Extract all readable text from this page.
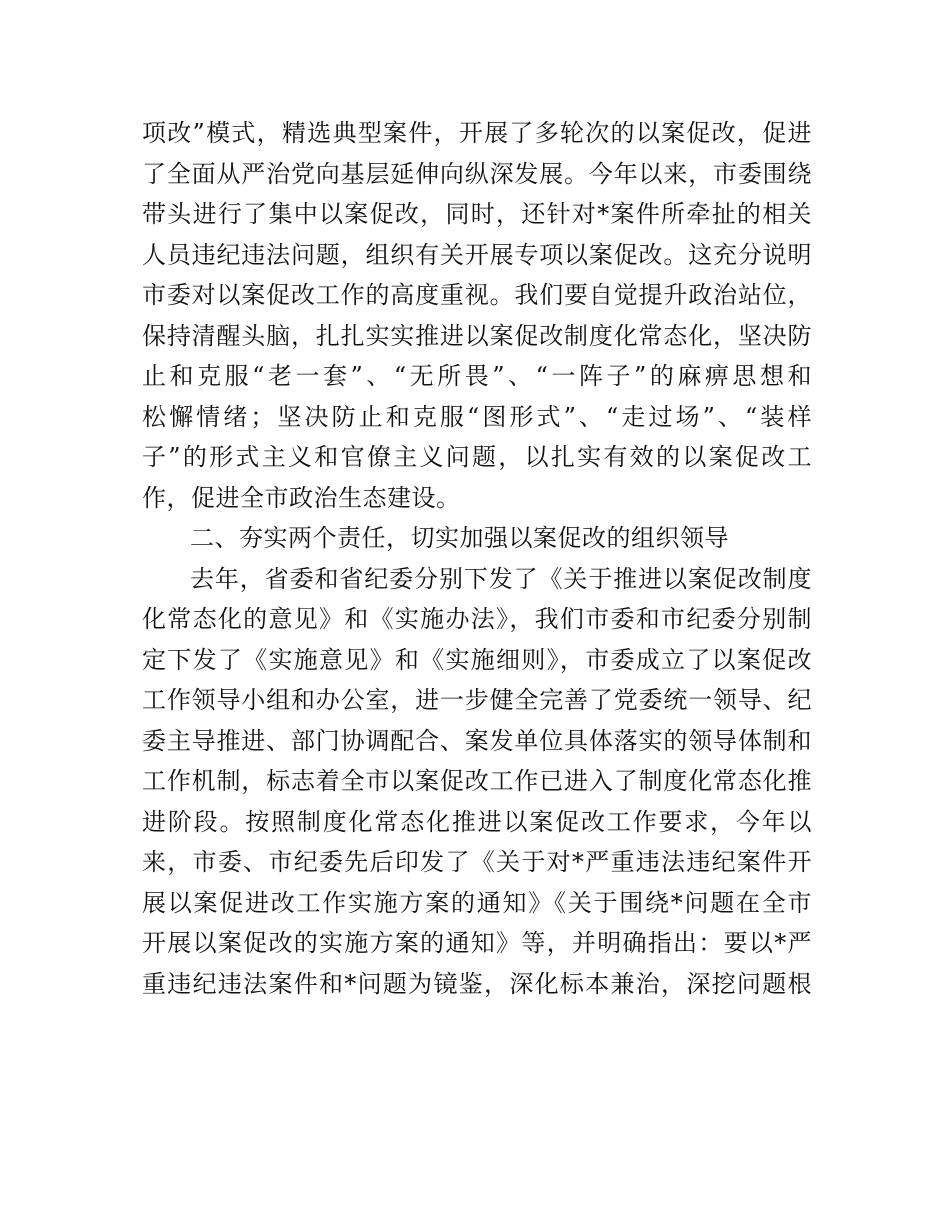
项改”模式，精选典型案件，开展了多轮次的以案促改，促进
了全面从严治党向基层延伸向纵深发展。今年以来，市委围绕
带头进行了集中以案促改，同时，还针对*案件所牵扯的相关
人员违纪违法问题，组织有关开展专项以案促改。这充分说明
市委对以案促改工作的高度重视。我们要自觉提升政治站位，
保持清醒头脑，扎扎实实推进以案促改制度化常态化，坚决防
止和克服“老一套”、“无所畏”、“一阵子”的麻痹思想和
松懈情绪；坚决防止和克服“图形式”、“走过场”、“装样
子”的形式主义和官僚主义问题，以扎实有效的以案促改工
作，促进全市政治生态建设。
二、夯实两个责任，切实加强以案促改的组织领导
去年，省委和省纪委分别下发了《关于推进以案促改制度
化常态化的意见》和《实施办法》，我们市委和市纪委分别制
定下发了《实施意见》和《实施细则》，市委成立了以案促改
工作领导小组和办公室，进一步健全完善了党委统一领导、纪
委主导推进、部门协调配合、案发单位具体落实的领导体制和
工作机制，标志着全市以案促改工作已进入了制度化常态化推
进阶段。按照制度化常态化推进以案促改工作要求，今年以
来，市委、市纪委先后印发了《关于对*严重违法违纪案件开
展以案促进改工作实施方案的通知》《关于围绕*问题在全市
开展以案促改的实施方案的通知》等，并明确指出：要以*严
重违纪违法案件和*问题为镜鉴，深化标本兼治，深挖问题根
